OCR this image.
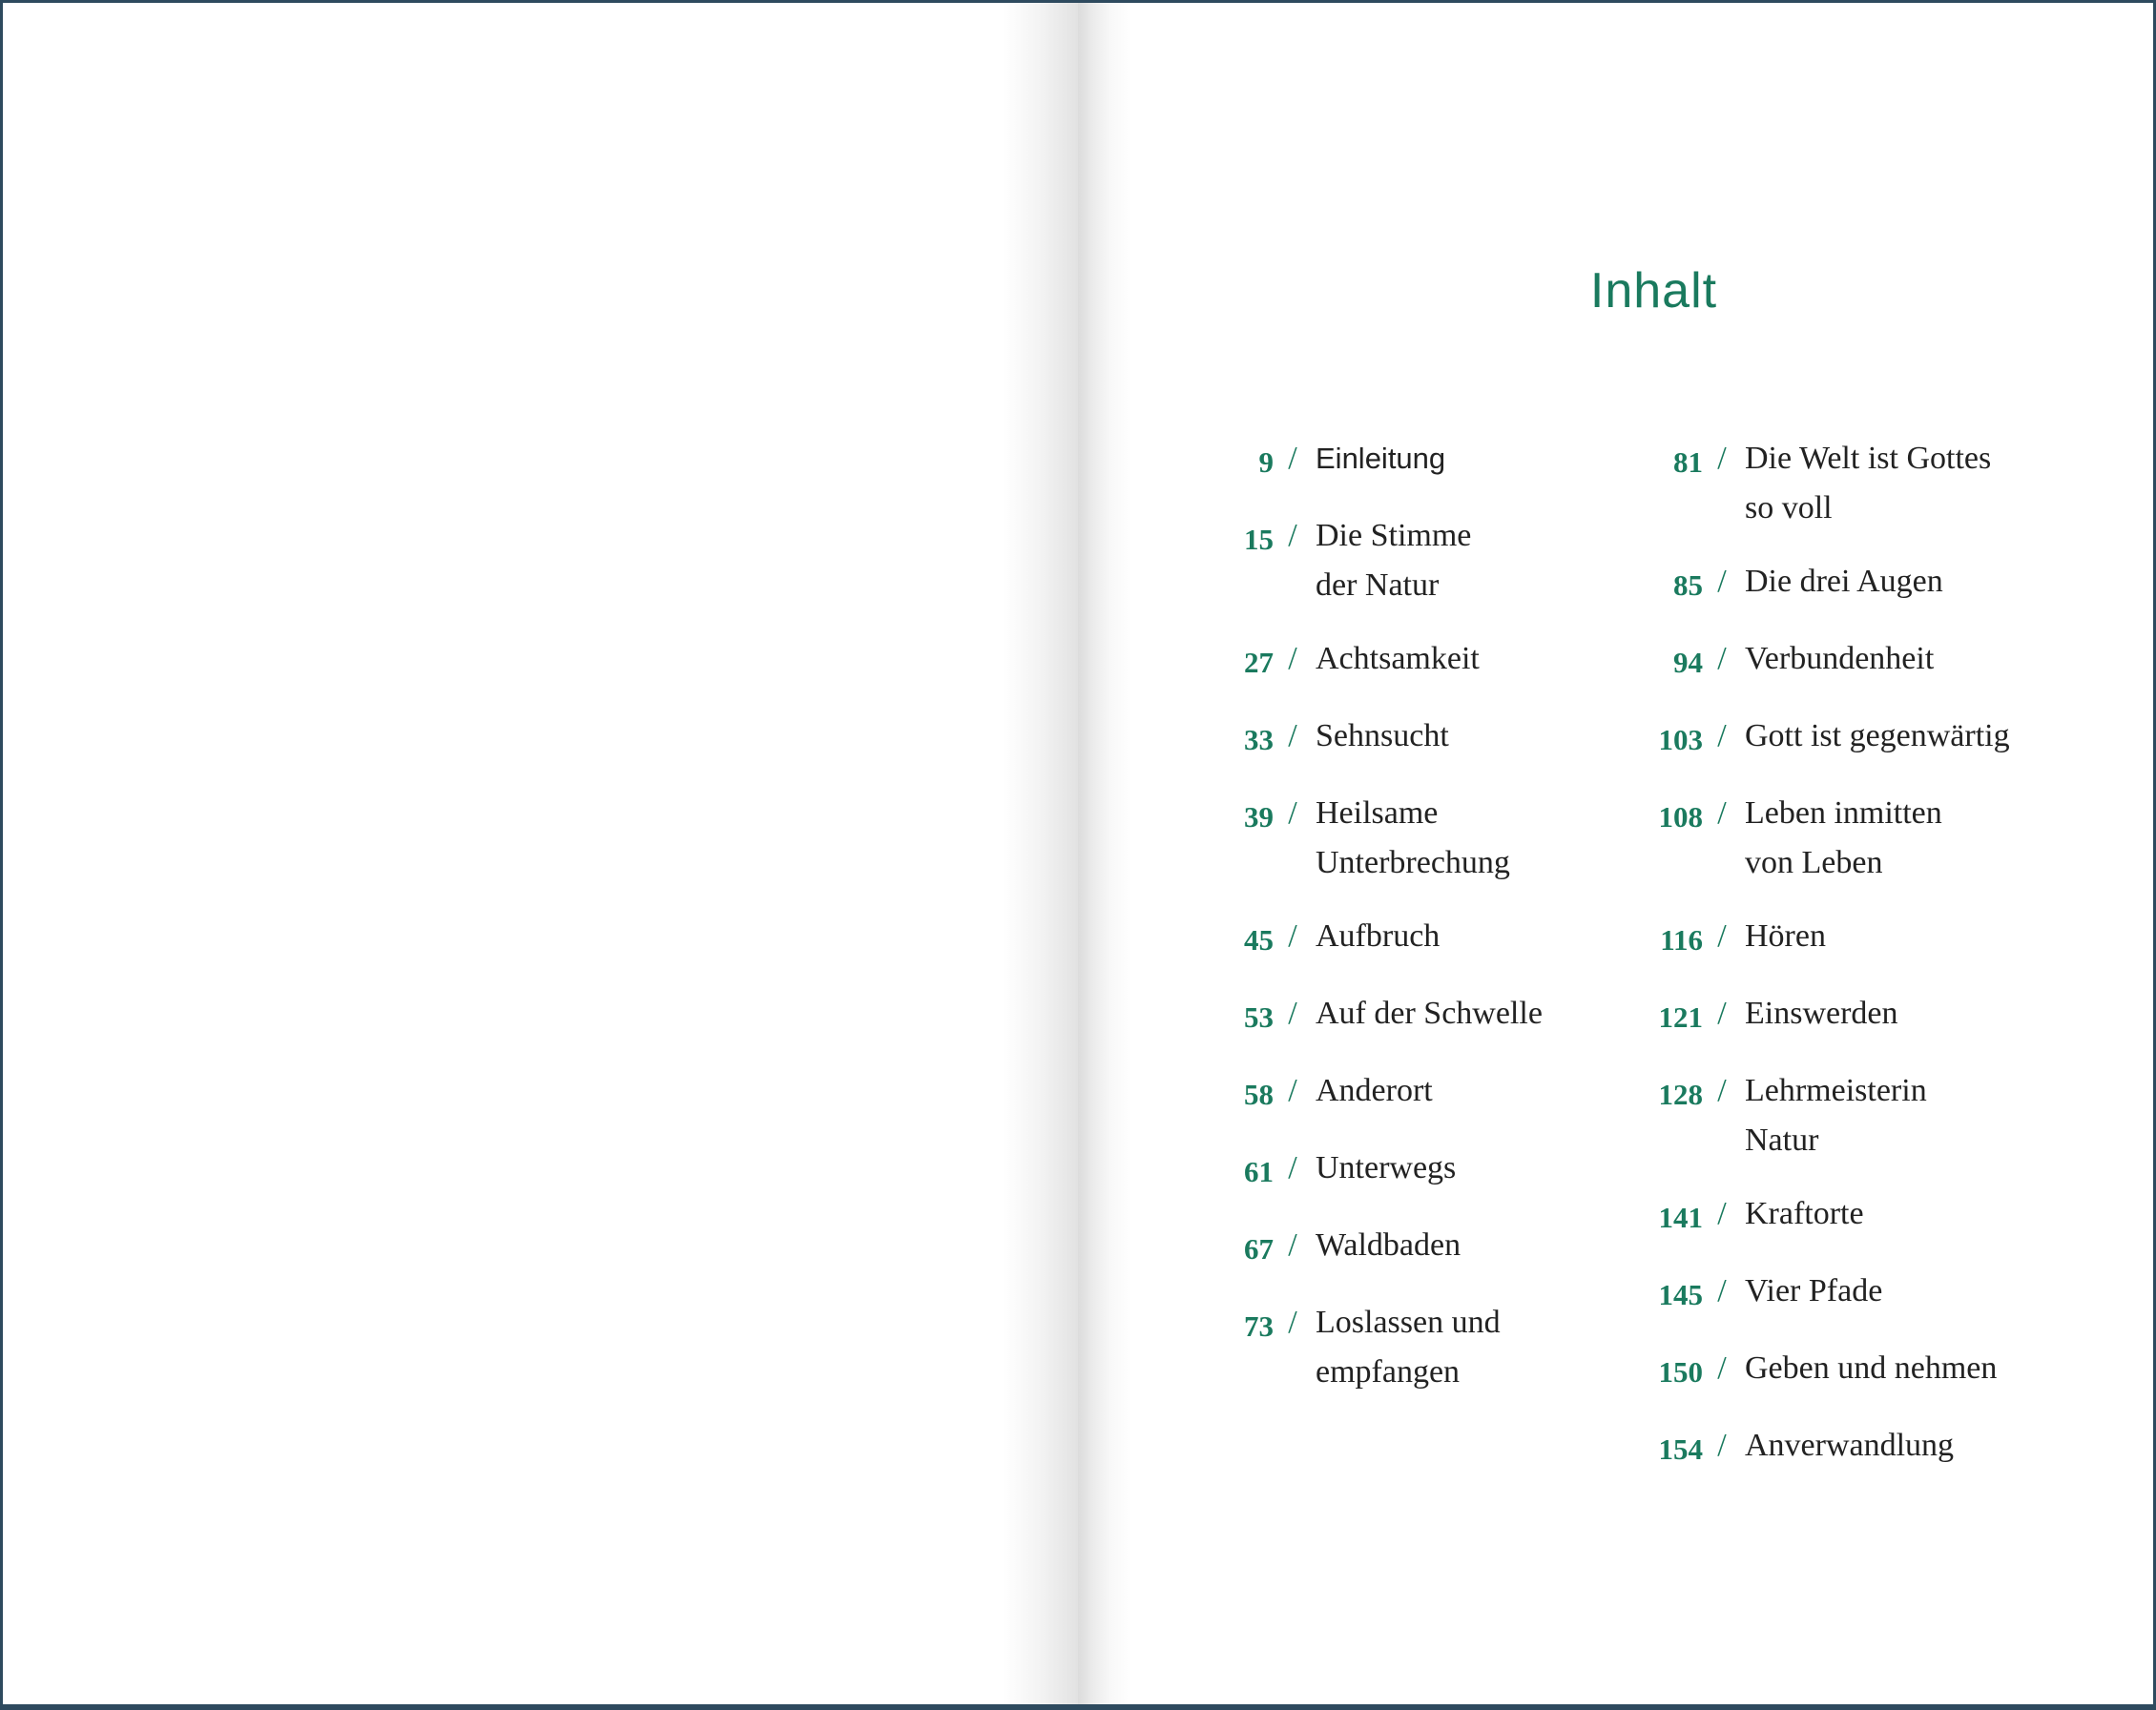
Inhalt
9 / Einleitung
15 / Die Stimme
der Natur
27 / Achtsamkeit
33 / Sehnsucht
39 / Heilsame
Unterbrechung
45 / Aufbruch
53 / Auf der Schwelle
58 / Anderort
61 / Unterwegs
67 / Waldbaden
73 / Loslassen und
empfangen
81 / Die Welt ist Gottes
so voll
85 / Die drei Augen
94 / Verbundenheit
103 / Gott ist gegenwärtig
108 / Leben inmitten
von Leben
116 / Hören
121 / Einswerden
128 / Lehrmeisterin
Natur
141 / Kraftorte
145 / Vier Pfade
150 / Geben und nehmen
154 / Anverwandlung
